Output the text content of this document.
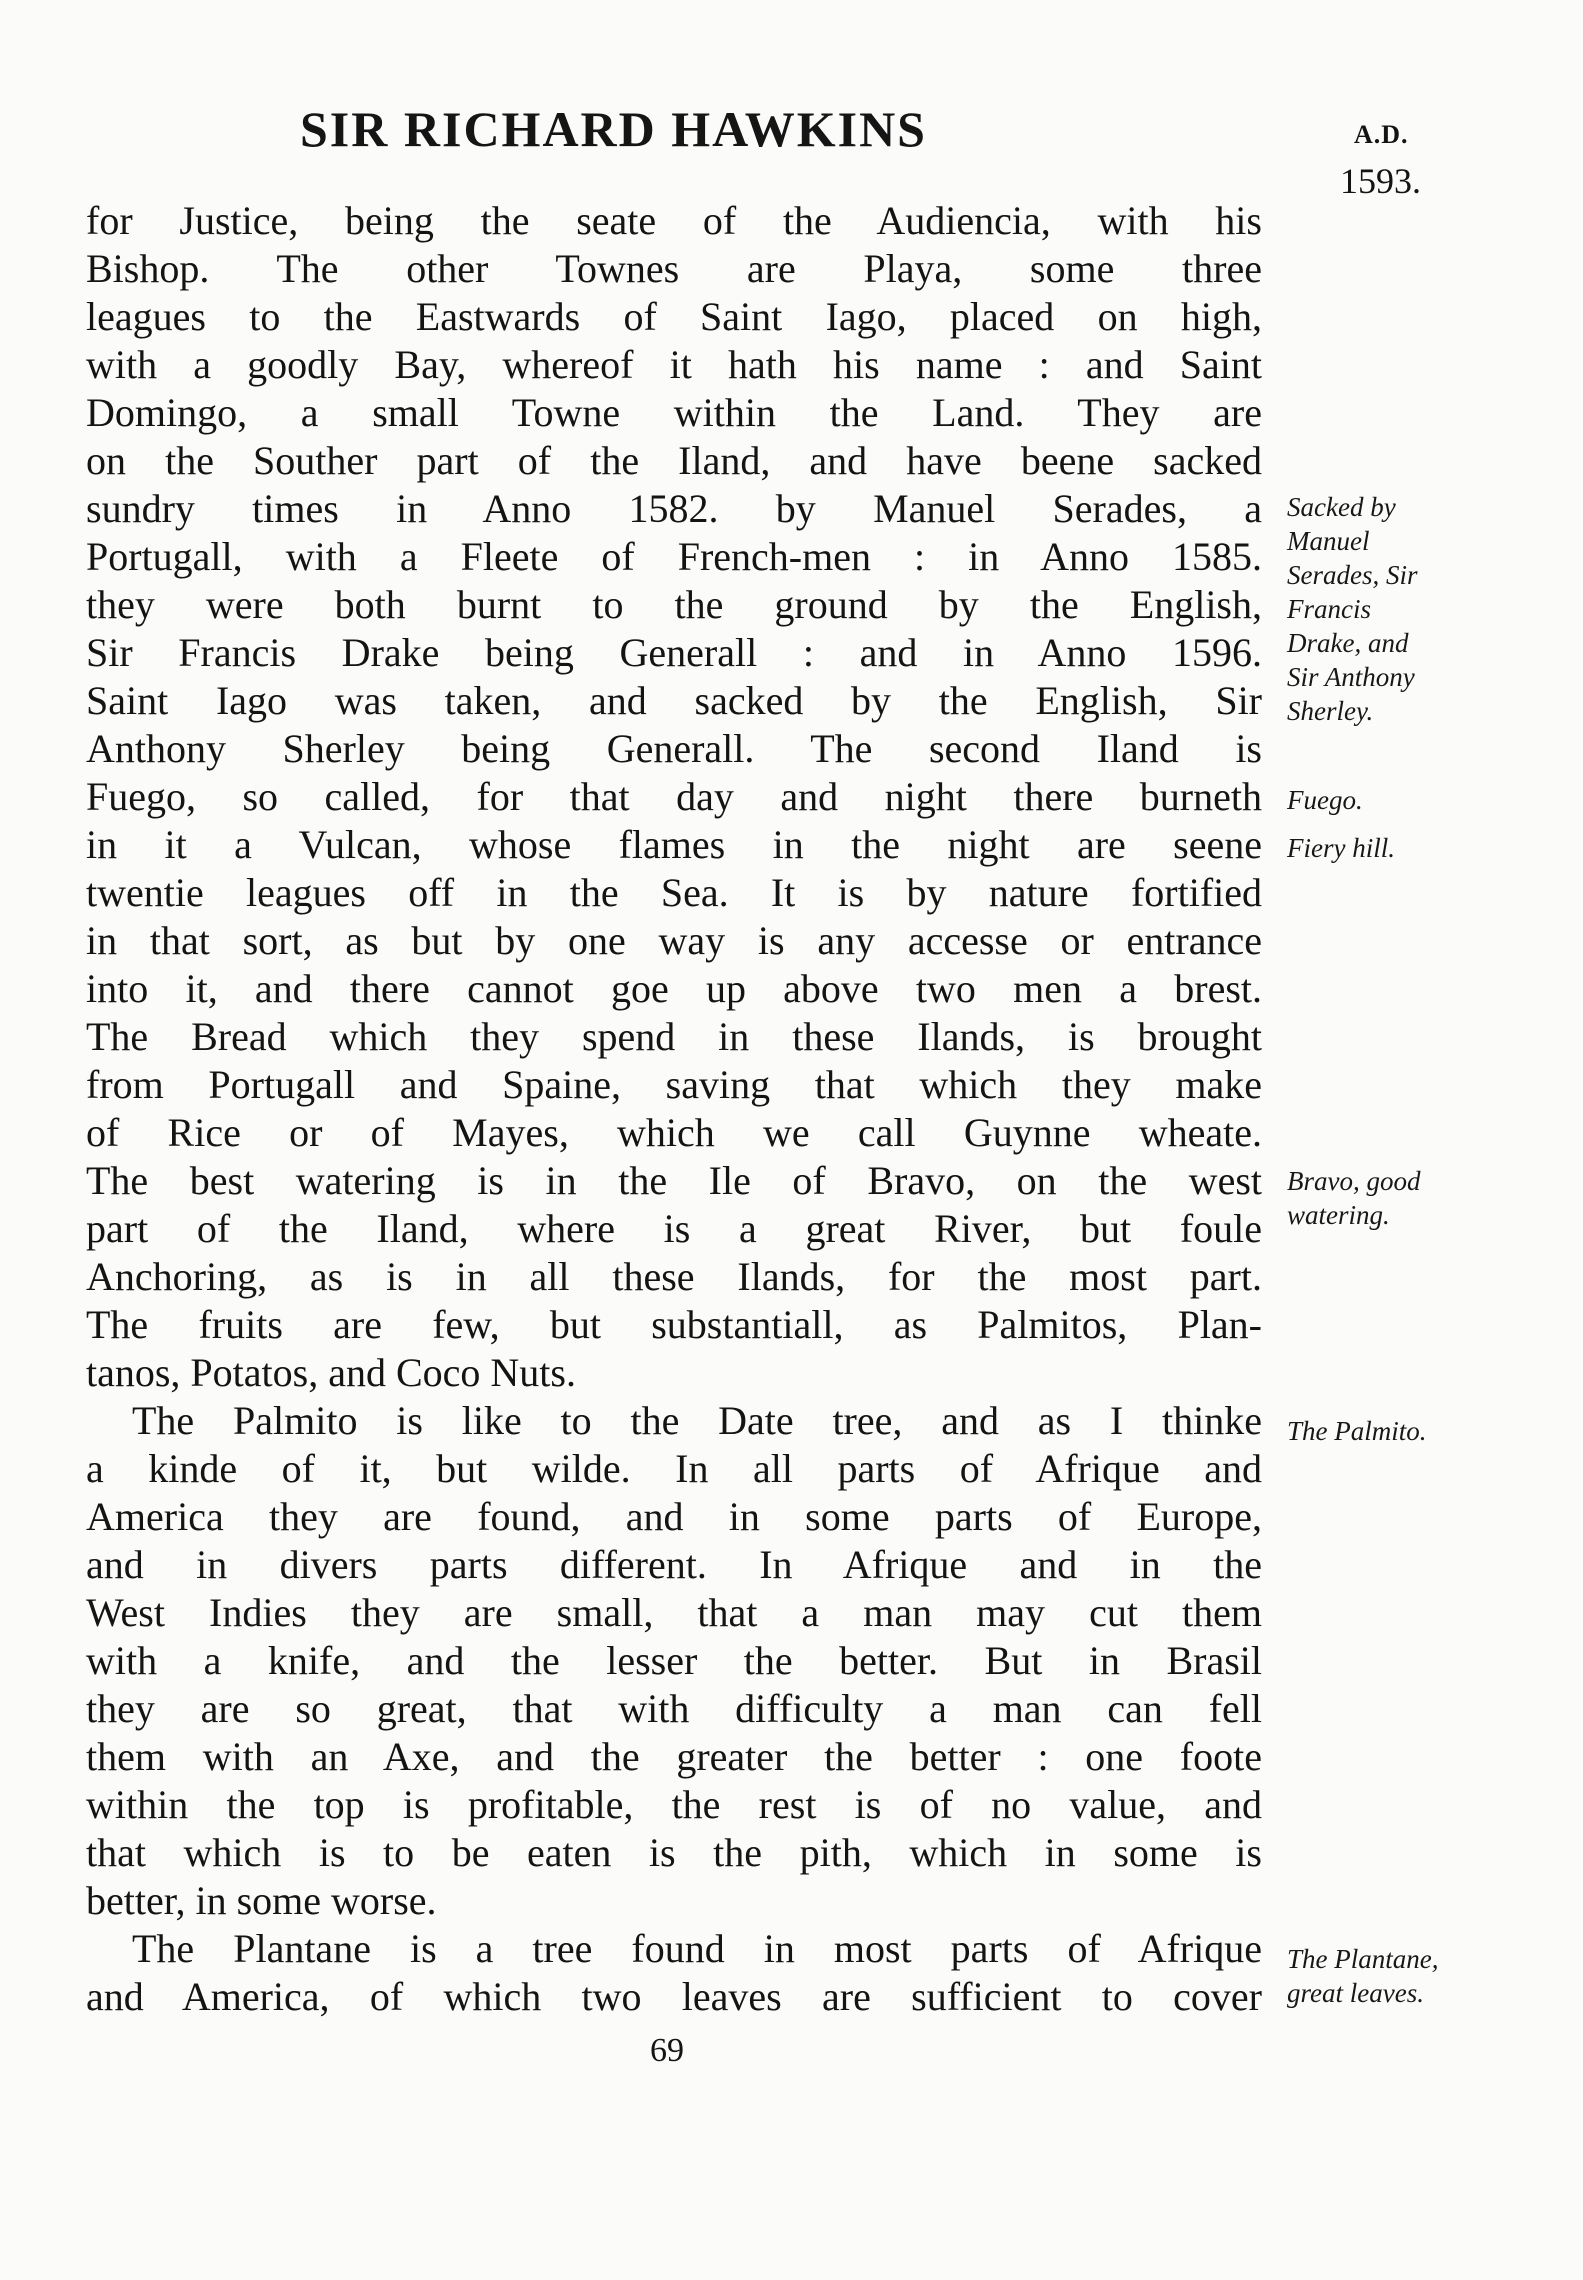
SIR RICHARD HAWKINS	A.D.
1593.
for Justice, being the seate of the Audiencia, with his
Bishop. The other Townes are Playa, some three
leagues to the Eastwards of Saint Iago, placed on high,
with a goodly Bay, whereof it hath his name : and Saint
Domingo, a small Towne within the Land. They are
on the Souther part of the Iland, and have beene sacked
sundry times in Anno 1582. by Manuel Serades, a
Portugall, with a Fleete of French-men : in Anno 1585.
they were both burnt to the ground by the English,
Sir Francis Drake being Generall : and in Anno 1596.
Saint Iago was taken, and sacked by the English, Sir
Anthony Sherley being Generall. The second Iland is
Fuego, so called, for that day and night there burneth
in it a Vulcan, whose flames in the night are seene
twentie leagues off in the Sea. It is by nature fortified
in that sort, as but by one way is any accesse or entrance
into it, and there cannot goe up above two men a brest.
The Bread which they spend in these Ilands, is brought
from Portugall and Spaine, saving that which they make
of Rice or of Mayes, which we call Guynne wheate.
The best watering is in the Ile of Bravo, on the west
part of the Iland, where is a great River, but foule
Anchoring, as is in all these Ilands, for the most part.
The fruits are few, but substantiall, as Palmitos, Plan-
tanos, Potatos, and Coco Nuts.
The Palmito is like to the Date tree, and as I thinke
a kinde of it, but wilde. In all parts of Afrique and
America they are found, and in some parts of Europe,
and in divers parts different. In Afrique and in the
West Indies they are small, that a man may cut them
with a knife, and the lesser the better. But in Brasil
they are so great, that with difficulty a man can fell
them with an Axe, and the greater the better : one foote
within the top is profitable, the rest is of no value, and
that which is to be eaten is the pith, which in some is
better, in some worse.
The Plantane is a tree found in most parts of Afrique
and America, of which two leaves are sufficient to cover
Sacked by
Manuel
Serades, Sir
Francis
Drake, and
Sir Anthony
Sherley.
Fuego.
Fiery hill.
Bravo, good
watering.
The Palmito.
The Plantane,
great leaves.
69
